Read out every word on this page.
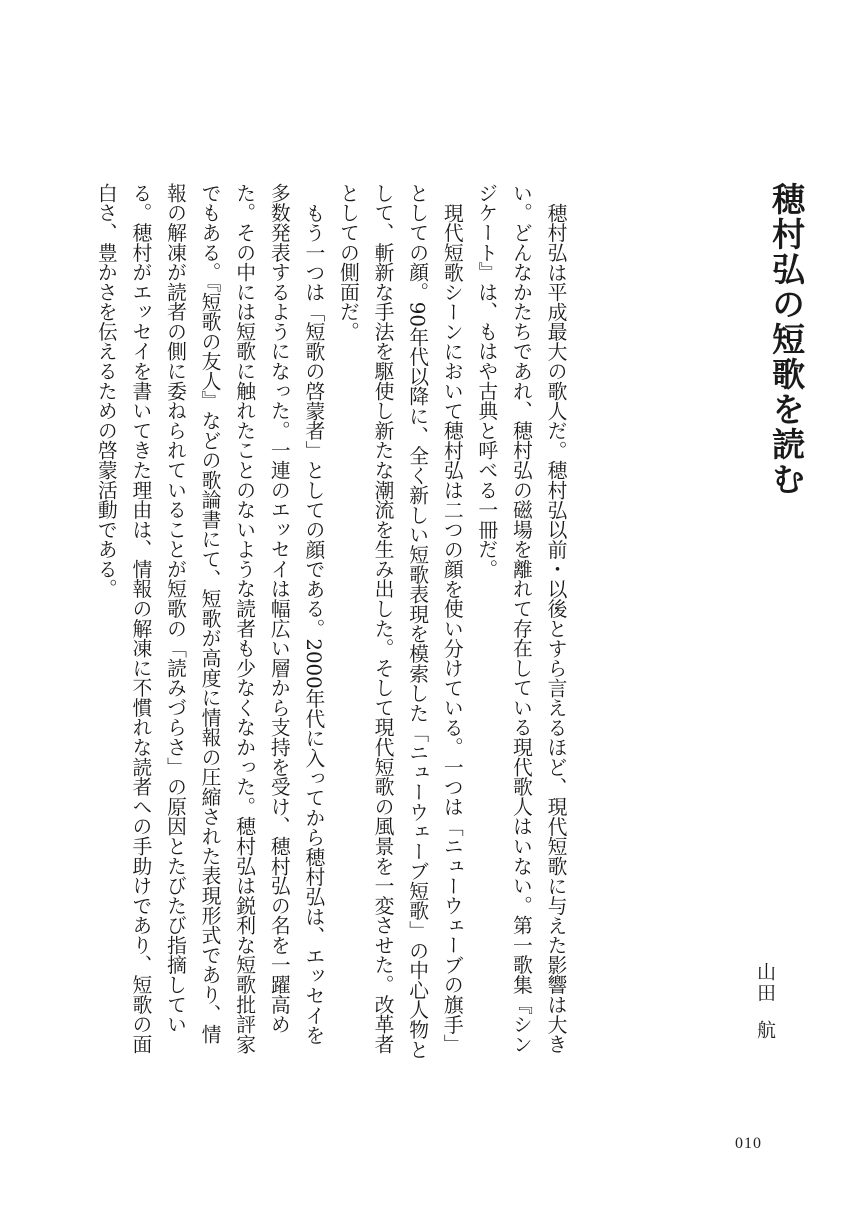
穂村弘の短歌を読む
山田航

穂村弘は平成最大の歌人だ。穂村弘以前・以後とすら言えるほど、現代短歌に与えた影響は大きい。どんなかたちであれ、穂村弘の磁場を離れて存在している現代歌人はいない。第一歌集『シンジケート』は、もはや古典と呼べる一冊だ。

現代短歌シーンにおいて穂村弘は二つの顔を使い分けている。一つは「ニューウェーブの旗手」としての顔。90年代以降に、全く新しい短歌表現を模索した「ニューウェーブ短歌」の中心人物として、斬新な手法を駆使し新たな潮流を生み出した。そして現代短歌の風景を一変させた。改革者としての側面だ。

もう一つは「短歌の啓蒙者」としての顔である。2000年代に入ってから穂村弘は、エッセイを多数発表するようになった。一連のエッセイは幅広い層から支持を受け、穂村弘の名を一躍高めた。その中には短歌に触れたことのないような読者も少なくなかった。穂村弘は鋭利な短歌批評家でもある。『短歌の友人』などの歌論書にて、短歌が高度に情報の圧縮された表現形式であり、情報の解凍が読者の側に委ねられていることが短歌の「読みづらさ」の原因とたびたび指摘している。穂村がエッセイを書いてきた理由は、情報の解凍に不慣れな読者への手助けであり、短歌の面白さ、豊かさを伝えるための啓蒙活動である。

010
